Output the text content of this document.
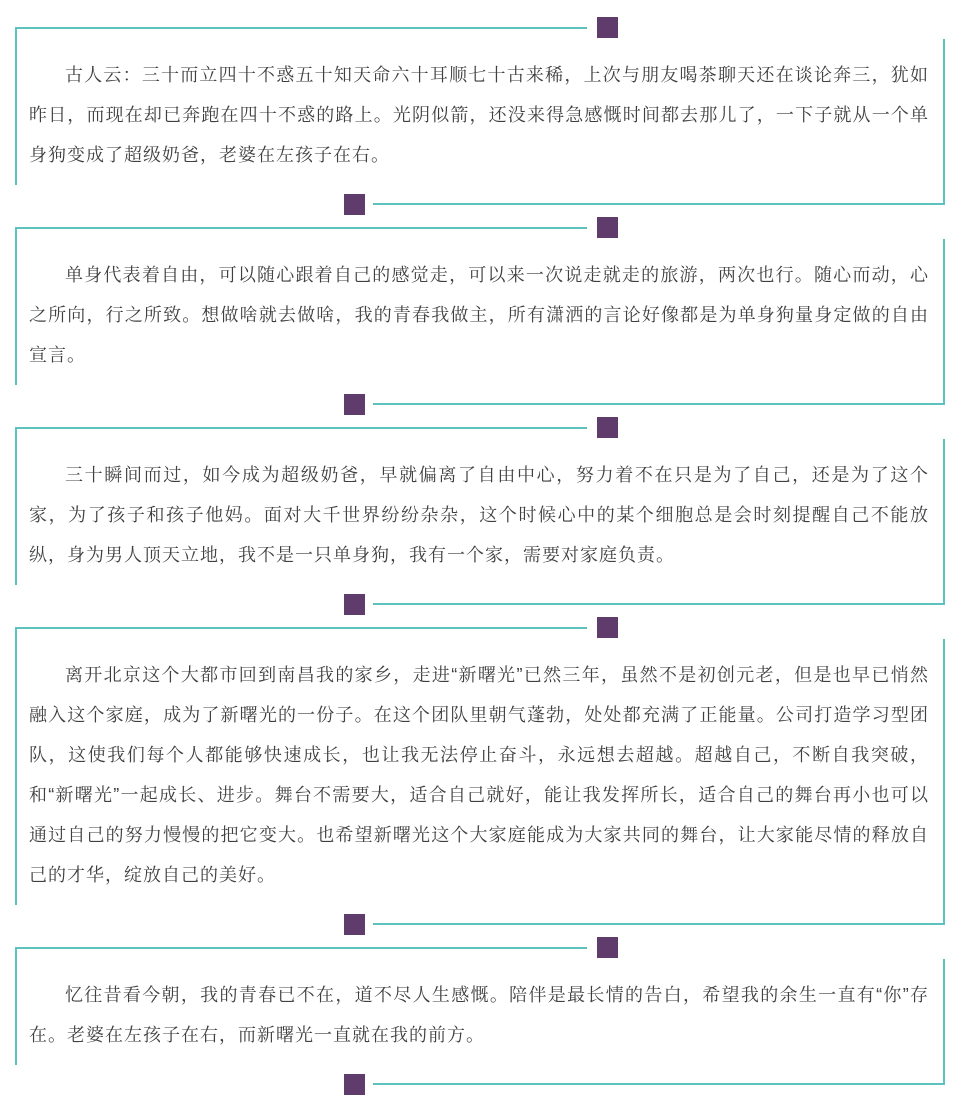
古人云：三十而立四十不惑五十知天命六十耳顺七十古来稀，上次与朋友喝茶聊天还在谈论奔三，犹如昨日，而现在却已奔跑在四十不惑的路上。光阴似箭，还没来得急感慨时间都去那儿了，一下子就从一个单身狗变成了超级奶爸，老婆在左孩子在右。

单身代表着自由，可以随心跟着自己的感觉走，可以来一次说走就走的旅游，两次也行。随心而动，心之所向，行之所致。想做啥就去做啥，我的青春我做主，所有潇洒的言论好像都是为单身狗量身定做的自由宣言。

三十瞬间而过，如今成为超级奶爸，早就偏离了自由中心，努力着不在只是为了自己，还是为了这个家，为了孩子和孩子他妈。面对大千世界纷纷杂杂，这个时候心中的某个细胞总是会时刻提醒自己不能放纵，身为男人顶天立地，我不是一只单身狗，我有一个家，需要对家庭负责。

离开北京这个大都市回到南昌我的家乡，走进“新曙光”已然三年，虽然不是初创元老，但是也早已悄然融入这个家庭，成为了新曙光的一份子。在这个团队里朝气蓬勃，处处都充满了正能量。公司打造学习型团队，这使我们每个人都能够快速成长，也让我无法停止奋斗，永远想去超越。超越自己，不断自我突破，和“新曙光”一起成长、进步。舞台不需要大，适合自己就好，能让我发挥所长，适合自己的舞台再小也可以通过自己的努力慢慢的把它变大。也希望新曙光这个大家庭能成为大家共同的舞台，让大家能尽情的释放自己的才华，绽放自己的美好。

忆往昔看今朝，我的青春已不在，道不尽人生感慨。陪伴是最长情的告白，希望我的余生一直有“你”存在。老婆在左孩子在右，而新曙光一直就在我的前方。
